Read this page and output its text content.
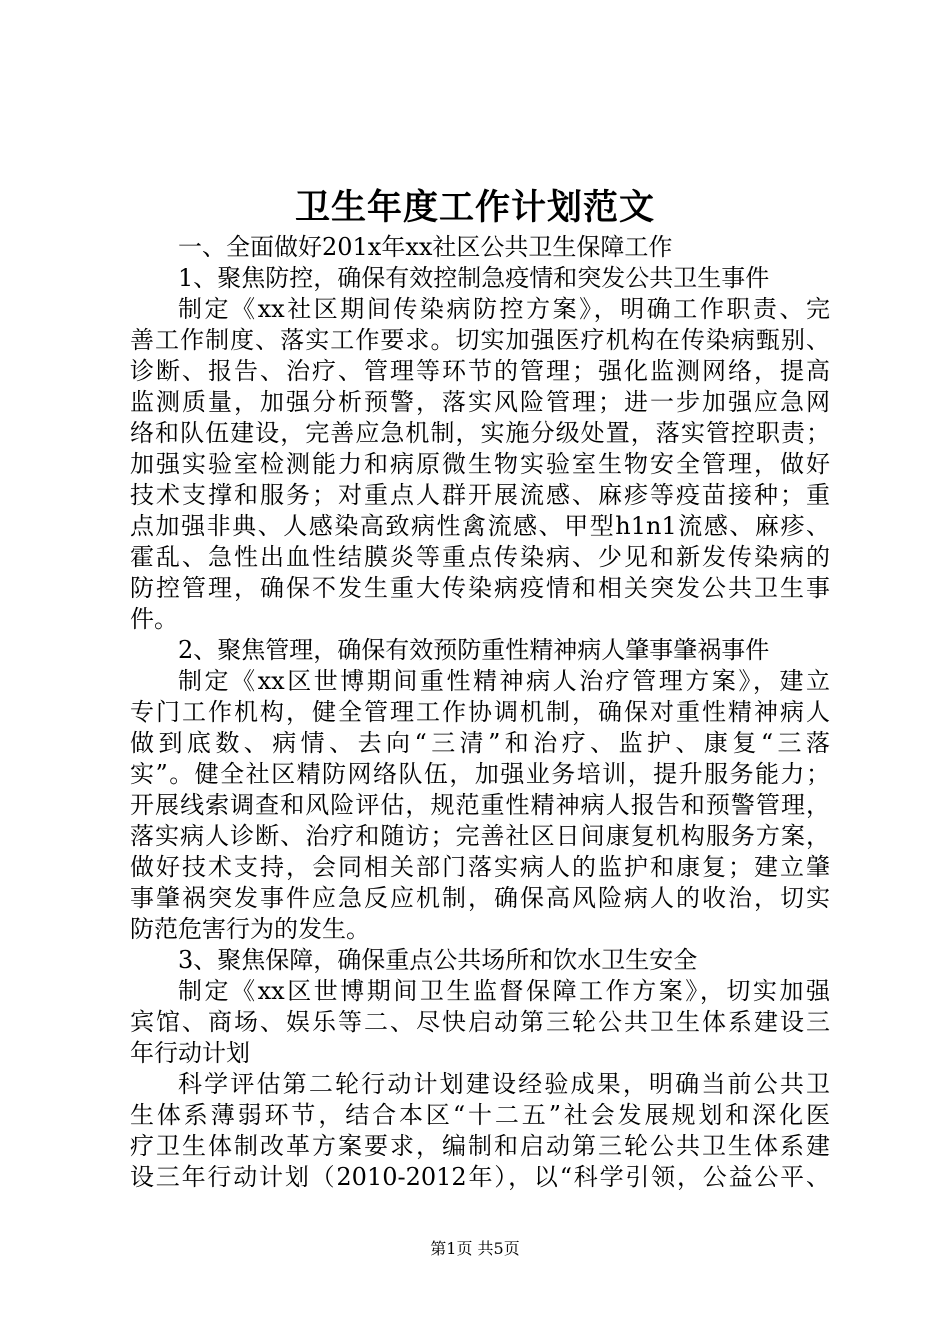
卫生年度工作计划范文
一、全面做好201x年xx社区公共卫生保障工作
1、聚焦防控，确保有效控制急疫情和突发公共卫生事件
制定《xx社区期间传染病防控方案》，明确工作职责、完
善工作制度、落实工作要求。切实加强医疗机构在传染病甄别、
诊断、报告、治疗、管理等环节的管理；强化监测网络，提高
监测质量，加强分析预警，落实风险管理；进一步加强应急网
络和队伍建设，完善应急机制，实施分级处置，落实管控职责；
加强实验室检测能力和病原微生物实验室生物安全管理，做好
技术支撑和服务；对重点人群开展流感、麻疹等疫苗接种；重
点加强非典、人感染高致病性禽流感、甲型h1n1流感、麻疹、
霍乱、急性出血性结膜炎等重点传染病、少见和新发传染病的
防控管理，确保不发生重大传染病疫情和相关突发公共卫生事
件。
2、聚焦管理，确保有效预防重性精神病人肇事肇祸事件
制定《xx区世博期间重性精神病人治疗管理方案》，建立
专门工作机构，健全管理工作协调机制，确保对重性精神病人
做到底数、病情、去向“三清”和治疗、监护、康复“三落
实”。健全社区精防网络队伍，加强业务培训，提升服务能力；
开展线索调查和风险评估，规范重性精神病人报告和预警管理，
落实病人诊断、治疗和随访；完善社区日间康复机构服务方案，
做好技术支持，会同相关部门落实病人的监护和康复；建立肇
事肇祸突发事件应急反应机制，确保高风险病人的收治，切实
防范危害行为的发生。
3、聚焦保障，确保重点公共场所和饮水卫生安全
制定《xx区世博期间卫生监督保障工作方案》，切实加强
宾馆、商场、娱乐等二、尽快启动第三轮公共卫生体系建设三
年行动计划
科学评估第二轮行动计划建设经验成果，明确当前公共卫
生体系薄弱环节，结合本区“十二五”社会发展规划和深化医
疗卫生体制改革方案要求，编制和启动第三轮公共卫生体系建
设三年行动计划（2010-2012年），以“科学引领，公益公平、
第1页 共5页
